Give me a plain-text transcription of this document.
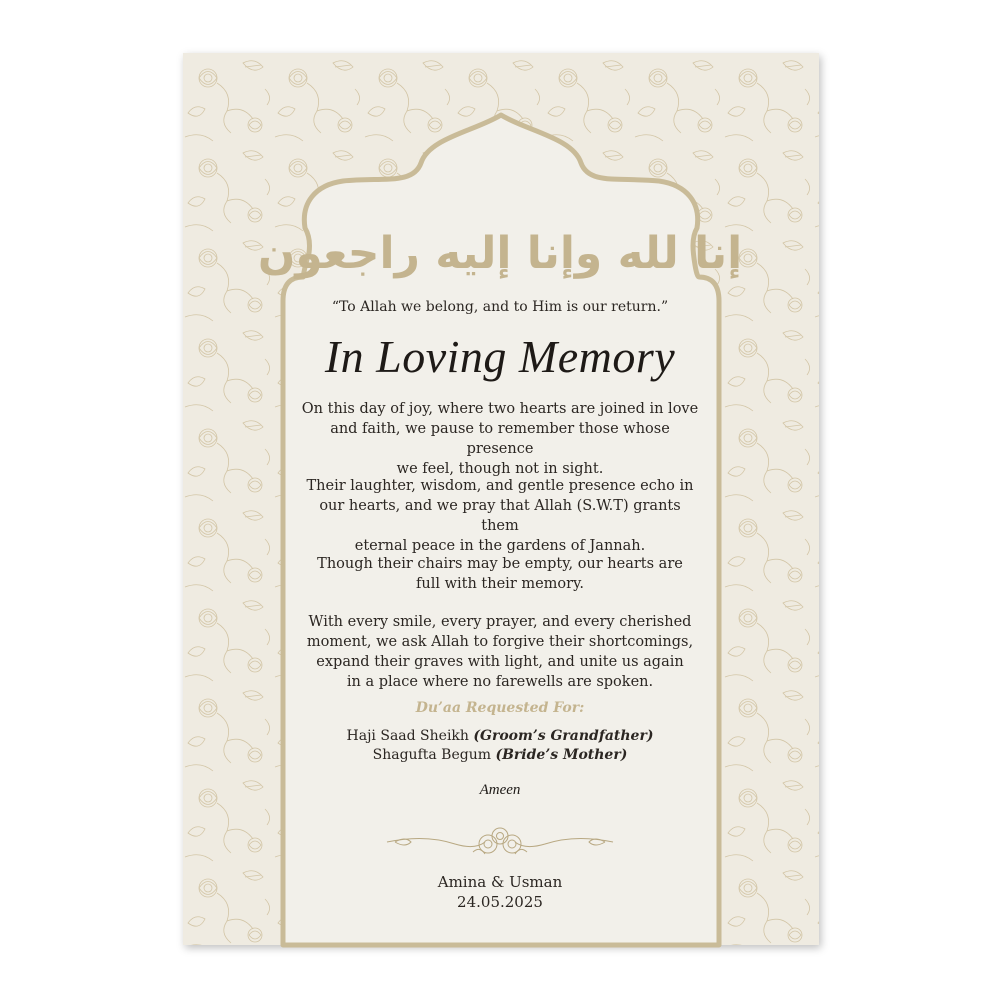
إنا لله وإنا إليه راجعون
“To Allah we belong, and to Him is our return.”
In Loving Memory
On this day of joy, where two hearts are joined in love
and faith, we pause to remember those whose presence
we feel, though not in sight.
Their laughter, wisdom, and gentle presence echo in
our hearts, and we pray that Allah (S.W.T) grants them
eternal peace in the gardens of Jannah.
Though their chairs may be empty, our hearts are
full with their memory.
With every smile, every prayer, and every cherished
moment, we ask Allah to forgive their shortcomings,
expand their graves with light, and unite us again
in a place where no farewells are spoken.
Du’aa Requested For:
Haji Saad Sheikh (Groom’s Grandfather)
Shagufta Begum (Bride’s Mother)
Ameen
Amina & Usman
24.05.2025
